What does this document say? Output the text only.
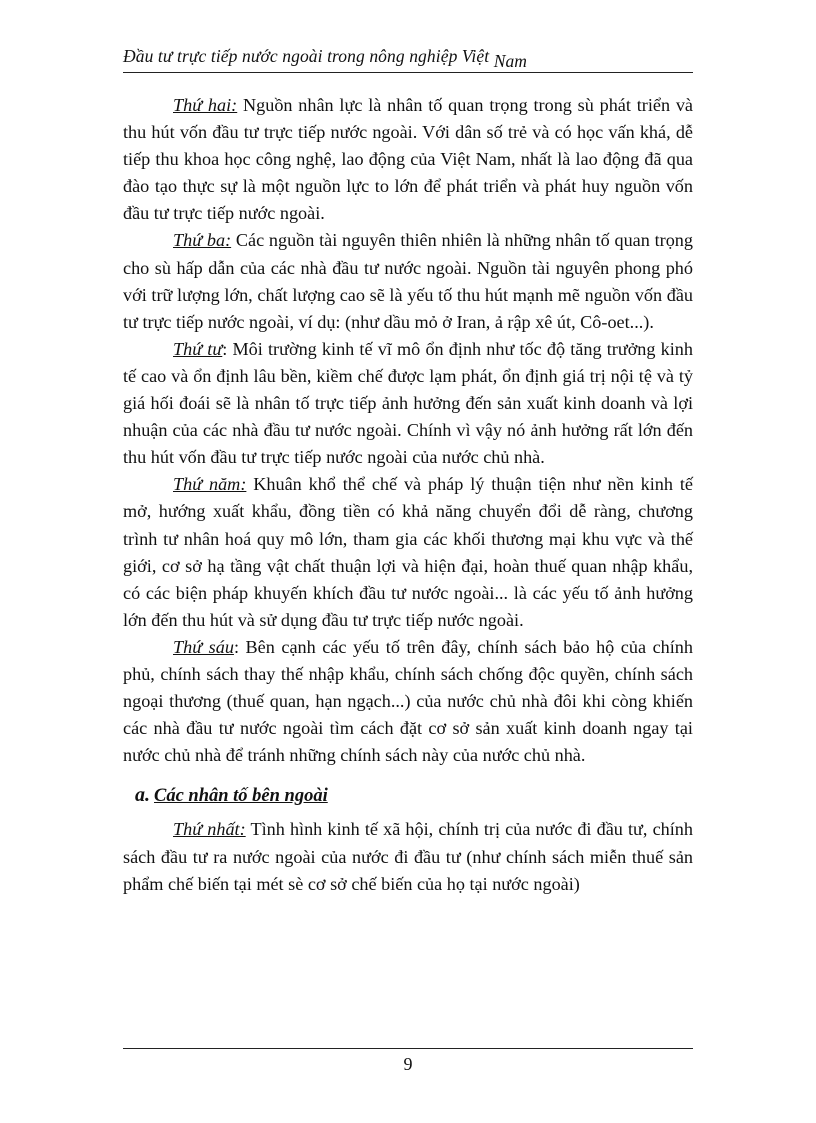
Đầu tư trực tiếp nước ngoài trong nông nghiệp Việt Nam

Thứ hai: Nguồn nhân lực là nhân tố quan trọng trong sù phát triển và thu hút vốn đầu tư trực tiếp nước ngoài. Với dân số trẻ và có học vấn khá, dễ tiếp thu khoa học công nghệ, lao động của Việt Nam, nhất là lao động đã qua đào tạo thực sự là một nguồn lực to lớn để phát triển và phát huy nguồn vốn đầu tư trực tiếp nước ngoài.

Thứ ba: Các nguồn tài nguyên thiên nhiên là những nhân tố quan trọng cho sù hấp dẫn của các nhà đầu tư nước ngoài. Nguồn tài nguyên phong phó với trữ lượng lớn, chất lượng cao sẽ là yếu tố thu hút mạnh mẽ nguồn vốn đầu tư trực tiếp nước ngoài, ví dụ: (như dầu mỏ ở Iran, ả rập xê út, Cô-oet...).

Thứ tư: Môi trường kinh tế vĩ mô ổn định như tốc độ tăng trưởng kinh tế cao và ổn định lâu bền, kiềm chế được lạm phát, ổn định giá trị nội tệ và tỷ giá hối đoái sẽ là nhân tố trực tiếp ảnh hưởng đến sản xuất kinh doanh và lợi nhuận của các nhà đầu tư nước ngoài. Chính vì vậy nó ảnh hưởng rất lớn đến thu hút vốn đầu tư trực tiếp nước ngoài của nước chủ nhà.

Thứ năm: Khuân khổ thể chế và pháp lý thuận tiện như nền kinh tế mở, hướng xuất khẩu, đồng tiền có khả năng chuyển đổi dễ ràng, chương trình tư nhân hoá quy mô lớn, tham gia các khối thương mại khu vực và thế giới, cơ sở hạ tầng vật chất thuận lợi và hiện đại, hoàn thuế quan nhập khẩu, có các biện pháp khuyến khích đầu tư nước ngoài... là các yếu tố ảnh hưởng lớn đến thu hút và sử dụng đầu tư trực tiếp nước ngoài.

Thứ sáu: Bên cạnh các yếu tố trên đây, chính sách bảo hộ của chính phủ, chính sách thay thế nhập khẩu, chính sách chống độc quyền, chính sách ngoại thương (thuế quan, hạn ngạch...) của nước chủ nhà đôi khi còng khiến các nhà đầu tư nước ngoài tìm cách đặt cơ sở sản xuất kinh doanh ngay tại nước chủ nhà để tránh những chính sách này của nước chủ nhà.

a. Các nhân tố bên ngoài

Thứ nhất: Tình hình kinh tế xã hội, chính trị của nước đi đầu tư, chính sách đầu tư ra nước ngoài của nước đi đầu tư (như chính sách miễn thuế sản phẩm chế biến tại mét sè cơ sở chế biến của họ tại nước ngoài)

9
